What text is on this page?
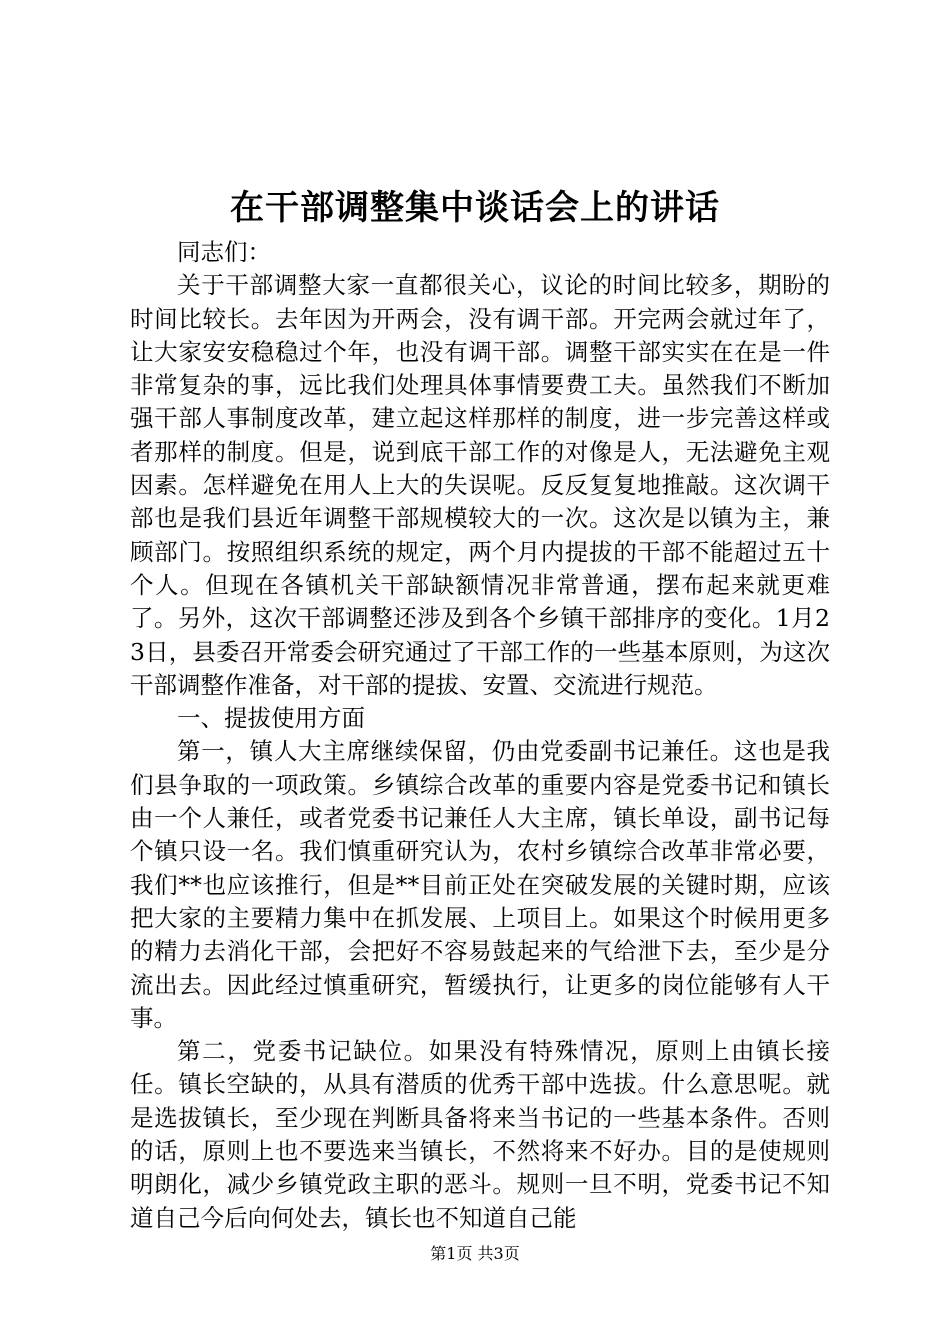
在干部调整集中谈话会上的讲话

同志们：

关于干部调整大家一直都很关心，议论的时间比较多，期盼的时间比较长。去年因为开两会，没有调干部。开完两会就过年了，让大家安安稳稳过个年，也没有调干部。调整干部实实在在是一件非常复杂的事，远比我们处理具体事情要费工夫。虽然我们不断加强干部人事制度改革，建立起这样那样的制度，进一步完善这样或者那样的制度。但是，说到底干部工作的对像是人，无法避免主观因素。怎样避免在用人上大的失误呢。反反复复地推敲。这次调干部也是我们县近年调整干部规模较大的一次。这次是以镇为主，兼顾部门。按照组织系统的规定，两个月内提拔的干部不能超过五十个人。但现在各镇机关干部缺额情况非常普通，摆布起来就更难了。另外，这次干部调整还涉及到各个乡镇干部排序的变化。1月23日，县委召开常委会研究通过了干部工作的一些基本原则，为这次干部调整作准备，对干部的提拔、安置、交流进行规范。

一、提拔使用方面

第一，镇人大主席继续保留，仍由党委副书记兼任。这也是我们县争取的一项政策。乡镇综合改革的重要内容是党委书记和镇长由一个人兼任，或者党委书记兼任人大主席，镇长单设，副书记每个镇只设一名。我们慎重研究认为，农村乡镇综合改革非常必要，我们**也应该推行，但是**目前正处在突破发展的关键时期，应该把大家的主要精力集中在抓发展、上项目上。如果这个时候用更多的精力去消化干部，会把好不容易鼓起来的气给泄下去，至少是分流出去。因此经过慎重研究，暂缓执行，让更多的岗位能够有人干事。

第二，党委书记缺位。如果没有特殊情况，原则上由镇长接任。镇长空缺的，从具有潜质的优秀干部中选拔。什么意思呢。就是选拔镇长，至少现在判断具备将来当书记的一些基本条件。否则的话，原则上也不要选来当镇长，不然将来不好办。目的是使规则明朗化，减少乡镇党政主职的恶斗。规则一旦不明，党委书记不知道自己今后向何处去，镇长也不知道自己能

第1页 共3页
